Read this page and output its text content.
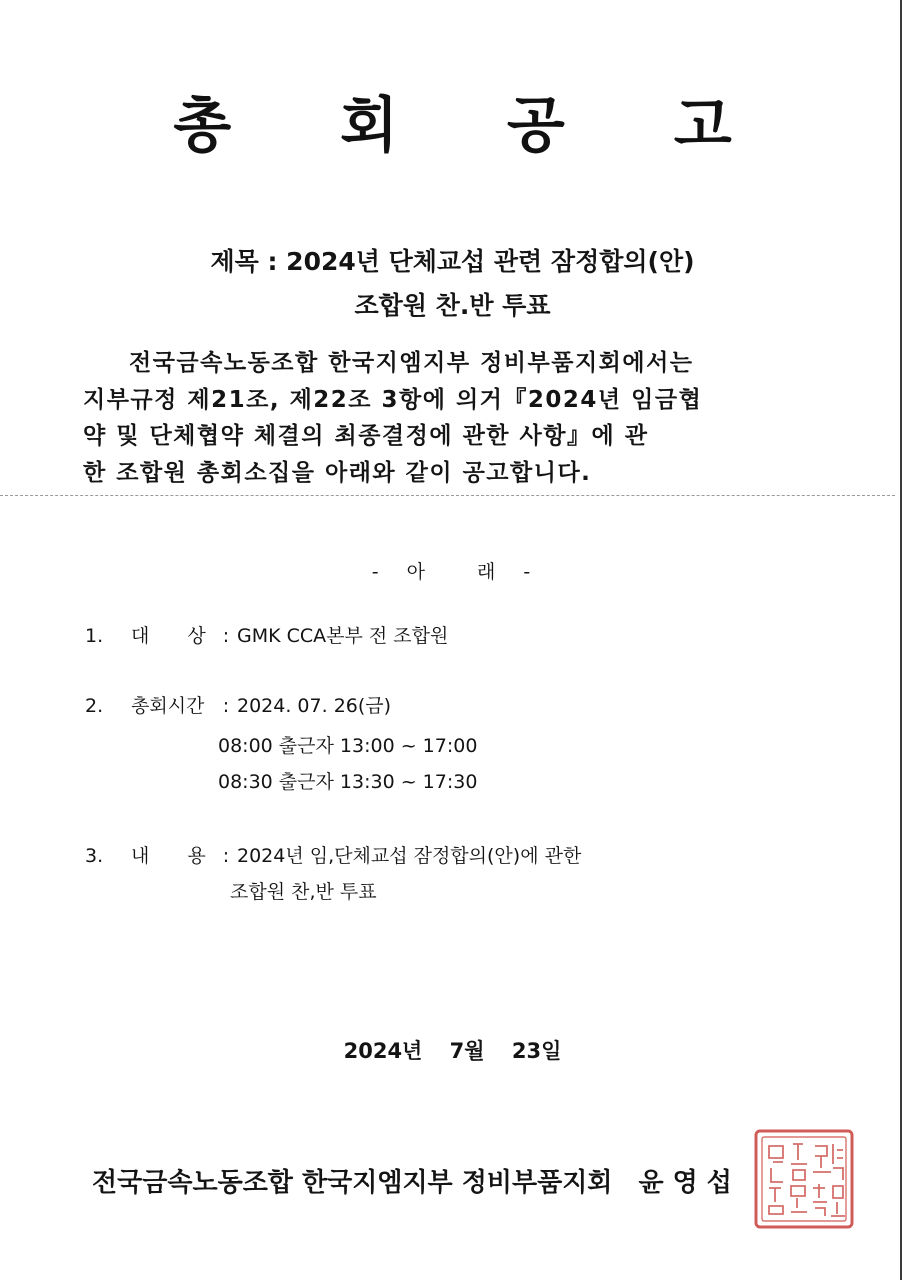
총 회 공 고
제목 : 2024년 단체교섭 관련 잠정합의(안)
조합원 찬.반 투표
전국금속노동조합 한국지엠지부 정비부품지회에서는
지부규정 제21조, 제22조 3항에 의거『2024년 임금협
약 및 단체협약 체결의 최종결정에 관한 사항』에 관
한 조합원 총회소집을 아래와 같이 공고합니다.
- 아	래 -
1. 대 상 : GMK CCA본부 전 조합원
2. 총회시간 : 2024. 07. 26(금)
08:00 출근자 13:00 ~ 17:00
08:30 출근자 13:30 ~ 17:30
3. 내 용 : 2024년 임,단체교섭 잠정합의(안)에 관한
조합원 찬,반 투표
2024년 7월 23일
전국금속노동조합 한국지엠지부 정비부품지회 윤 영 섭
